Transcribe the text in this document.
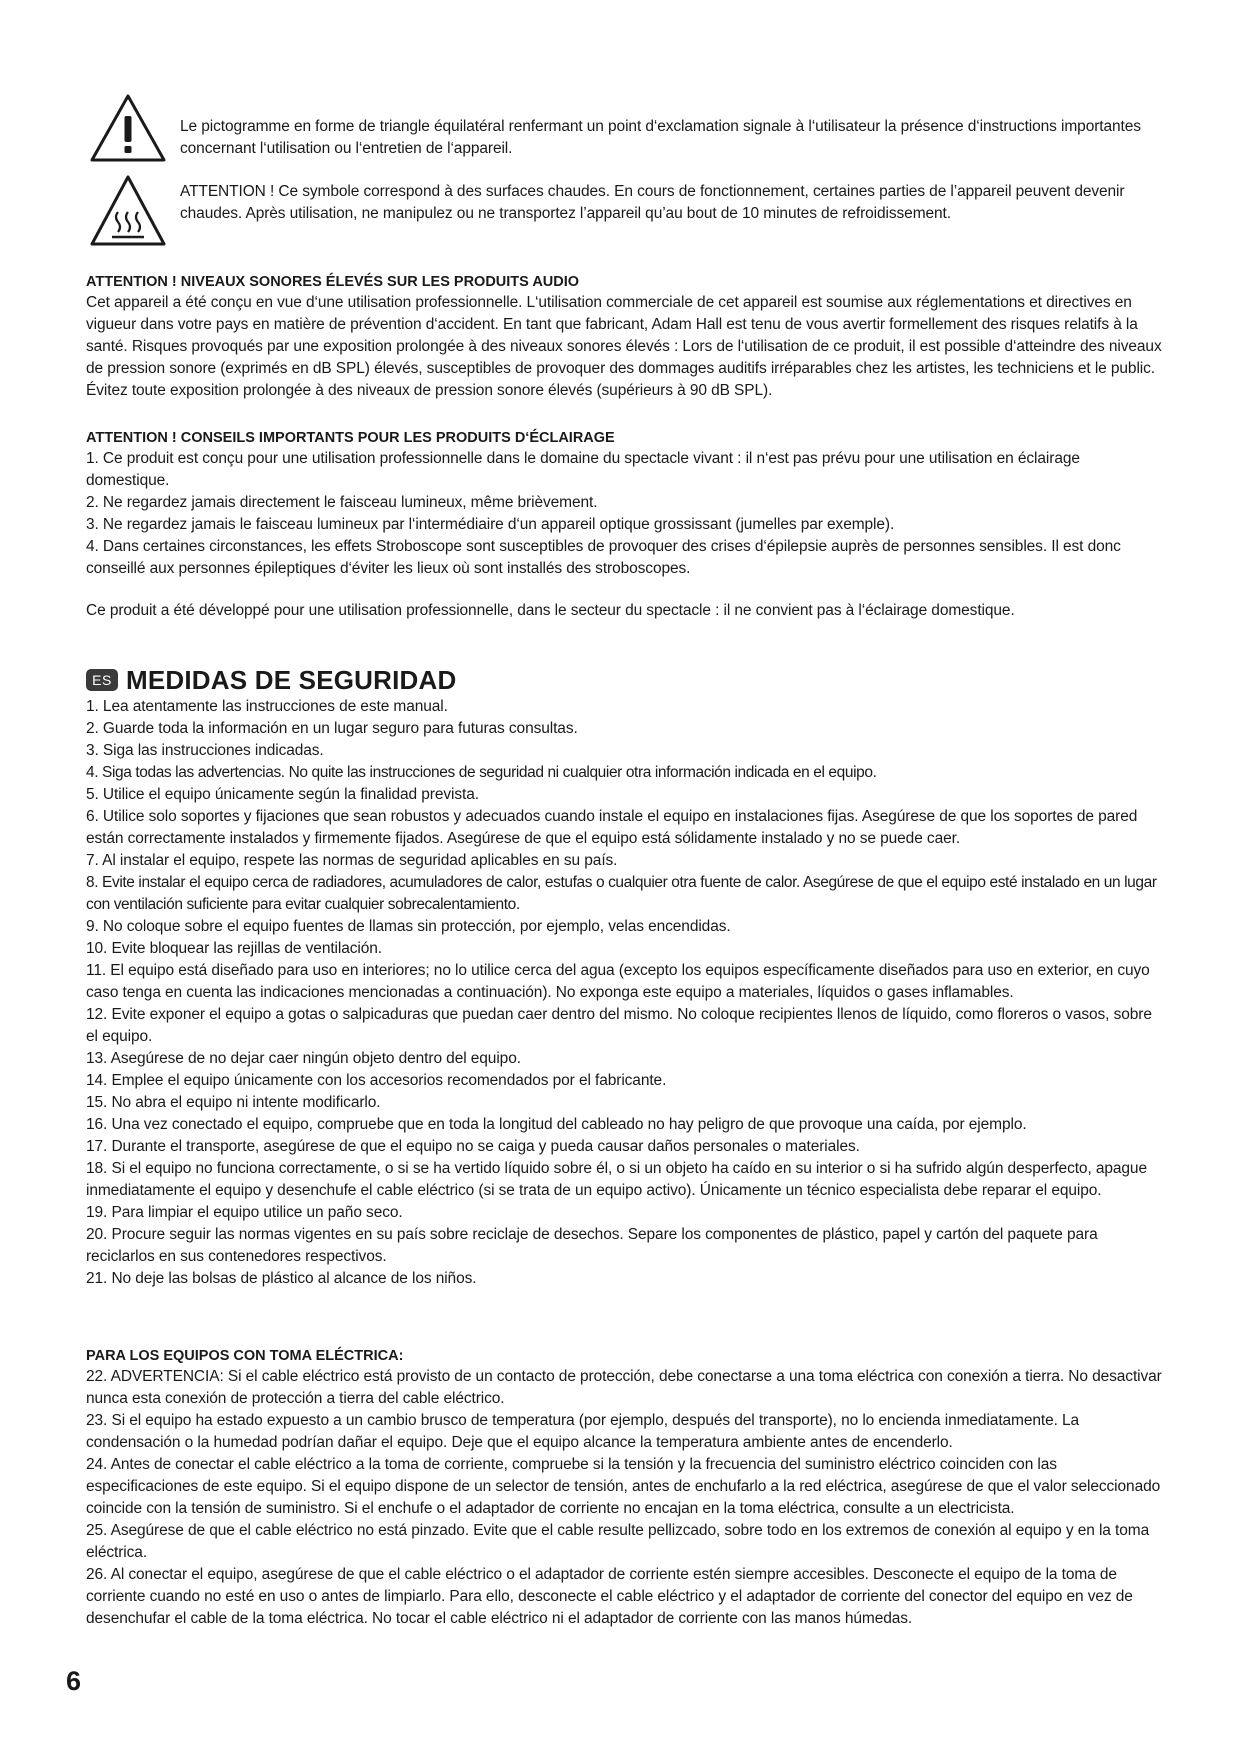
Le pictogramme en forme de triangle équilatéral renfermant un point d‘exclamation signale à l‘utilisateur la présence d‘instructions importantes concernant l‘utilisation ou l‘entretien de l‘appareil.
ATTENTION ! Ce symbole correspond à des surfaces chaudes. En cours de fonctionnement, certaines parties de l’appareil peuvent devenir chaudes. Après utilisation, ne manipulez ou ne transportez l’appareil qu’au bout de 10 minutes de refroidissement.

ATTENTION ! NIVEAUX SONORES ÉLEVÉS SUR LES PRODUITS AUDIO

Cet appareil a été conçu en vue d‘une utilisation professionnelle. L‘utilisation commerciale de cet appareil est soumise aux réglementations et directives en vigueur dans votre pays en matière de prévention d‘accident. En tant que fabricant, Adam Hall est tenu de vous avertir formellement des risques relatifs à la santé. Risques provoqués par une exposition prolongée à des niveaux sonores élevés : Lors de l‘utilisation de ce produit, il est possible d‘atteindre des niveaux de pression sonore (exprimés en dB SPL) élevés, susceptibles de provoquer des dommages auditifs irréparables chez les artistes, les techniciens et le public. Évitez toute exposition prolongée à des niveaux de pression sonore élevés (supérieurs à 90 dB SPL).

ATTENTION ! CONSEILS IMPORTANTS POUR LES PRODUITS D‘ÉCLAIRAGE

1. Ce produit est conçu pour une utilisation professionnelle dans le domaine du spectacle vivant : il n‘est pas prévu pour une utilisation en éclairage domestique.

2. Ne regardez jamais directement le faisceau lumineux, même brièvement.

3. Ne regardez jamais le faisceau lumineux par l‘intermédiaire d‘un appareil optique grossissant (jumelles par exemple).

4. Dans certaines circonstances, les effets Stroboscope sont susceptibles de provoquer des crises d‘épilepsie auprès de personnes sensibles. Il est donc conseillé aux personnes épileptiques d‘éviter les lieux où sont installés des stroboscopes.

Ce produit a été développé pour une utilisation professionnelle, dans le secteur du spectacle : il ne convient pas à l‘éclairage domestique.

ES MEDIDAS DE SEGURIDAD

1. Lea atentamente las instrucciones de este manual.

2. Guarde toda la información en un lugar seguro para futuras consultas.

3. Siga las instrucciones indicadas.

4. Siga todas las advertencias. No quite las instrucciones de seguridad ni cualquier otra información indicada en el equipo.

5. Utilice el equipo únicamente según la finalidad prevista.

6. Utilice solo soportes y fijaciones que sean robustos y adecuados cuando instale el equipo en instalaciones fijas. Asegúrese de que los soportes de pared están correctamente instalados y firmemente fijados. Asegúrese de que el equipo está sólidamente instalado y no se puede caer.

7. Al instalar el equipo, respete las normas de seguridad aplicables en su país.

8. Evite instalar el equipo cerca de radiadores, acumuladores de calor, estufas o cualquier otra fuente de calor. Asegúrese de que el equipo esté instalado en un lugar con ventilación suficiente para evitar cualquier sobrecalentamiento.

9. No coloque sobre el equipo fuentes de llamas sin protección, por ejemplo, velas encendidas.

10. Evite bloquear las rejillas de ventilación.

11. El equipo está diseñado para uso en interiores; no lo utilice cerca del agua (excepto los equipos específicamente diseñados para uso en exterior, en cuyo caso tenga en cuenta las indicaciones mencionadas a continuación). No exponga este equipo a materiales, líquidos o gases inflamables.

12. Evite exponer el equipo a gotas o salpicaduras que puedan caer dentro del mismo. No coloque recipientes llenos de líquido, como floreros o vasos, sobre el equipo.

13. Asegúrese de no dejar caer ningún objeto dentro del equipo.

14. Emplee el equipo únicamente con los accesorios recomendados por el fabricante.

15. No abra el equipo ni intente modificarlo.

16. Una vez conectado el equipo, compruebe que en toda la longitud del cableado no hay peligro de que provoque una caída, por ejemplo.

17. Durante el transporte, asegúrese de que el equipo no se caiga y pueda causar daños personales o materiales.

18. Si el equipo no funciona correctamente, o si se ha vertido líquido sobre él, o si un objeto ha caído en su interior o si ha sufrido algún desperfecto, apague inmediatamente el equipo y desenchufe el cable eléctrico (si se trata de un equipo activo). Únicamente un técnico especialista debe reparar el equipo.

19. Para limpiar el equipo utilice un paño seco.

20. Procure seguir las normas vigentes en su país sobre reciclaje de desechos. Separe los componentes de plástico, papel y cartón del paquete para reciclarlos en sus contenedores respectivos.

21. No deje las bolsas de plástico al alcance de los niños.

PARA LOS EQUIPOS CON TOMA ELÉCTRICA:

22. ADVERTENCIA: Si el cable eléctrico está provisto de un contacto de protección, debe conectarse a una toma eléctrica con conexión a tierra. No desactivar nunca esta conexión de protección a tierra del cable eléctrico.

23. Si el equipo ha estado expuesto a un cambio brusco de temperatura (por ejemplo, después del transporte), no lo encienda inmediatamente. La condensación o la humedad podrían dañar el equipo. Deje que el equipo alcance la temperatura ambiente antes de encenderlo.

24. Antes de conectar el cable eléctrico a la toma de corriente, compruebe si la tensión y la frecuencia del suministro eléctrico coinciden con las especificaciones de este equipo. Si el equipo dispone de un selector de tensión, antes de enchufarlo a la red eléctrica, asegúrese de que el valor seleccionado coincide con la tensión de suministro. Si el enchufe o el adaptador de corriente no encajan en la toma eléctrica, consulte a un electricista.

25. Asegúrese de que el cable eléctrico no está pinzado. Evite que el cable resulte pellizcado, sobre todo en los extremos de conexión al equipo y en la toma eléctrica.

26. Al conectar el equipo, asegúrese de que el cable eléctrico o el adaptador de corriente estén siempre accesibles. Desconecte el equipo de la toma de corriente cuando no esté en uso o antes de limpiarlo. Para ello, desconecte el cable eléctrico y el adaptador de corriente del conector del equipo en vez de desenchufar el cable de la toma eléctrica. No tocar el cable eléctrico ni el adaptador de corriente con las manos húmedas.

6
